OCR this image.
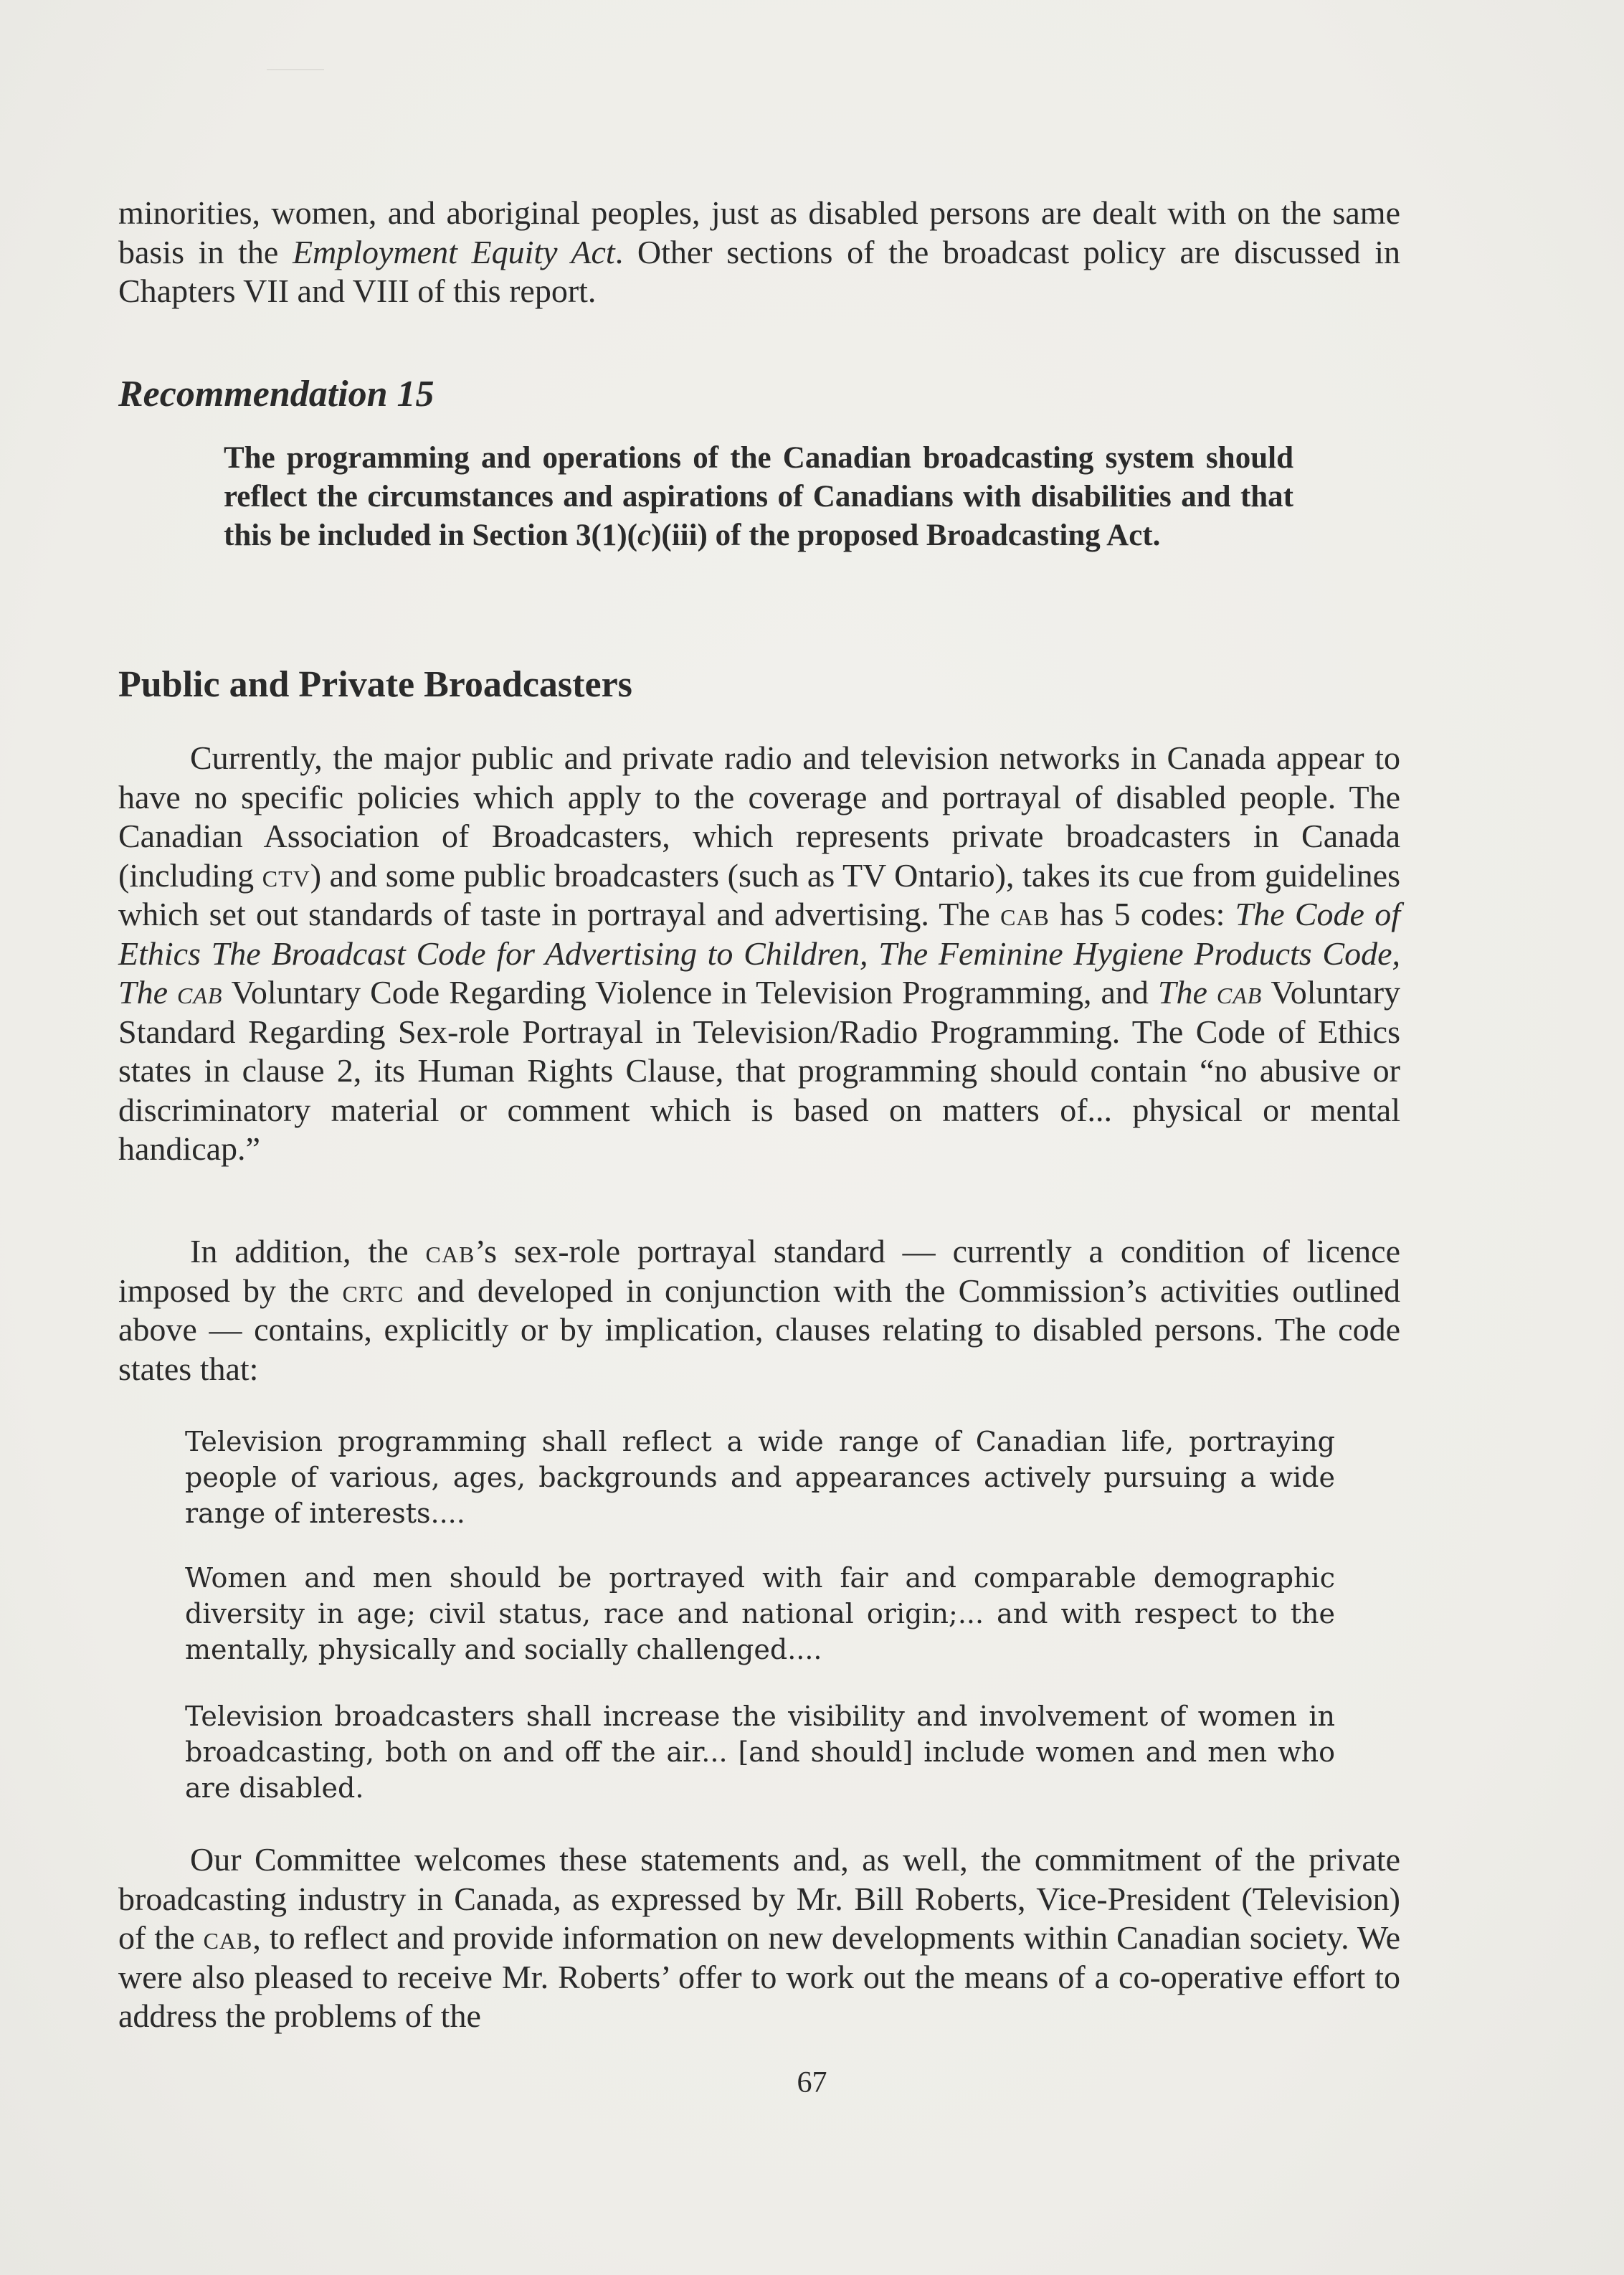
minorities, women, and aboriginal peoples, just as disabled persons are dealt with on the same basis in the Employment Equity Act. Other sections of the broadcast policy are discussed in Chapters VII and VIII of this report.

Recommendation 15

The programming and operations of the Canadian broadcasting system should reflect the circumstances and aspirations of Canadians with disabilities and that this be included in Section 3(1)(c)(iii) of the proposed Broadcasting Act.

Public and Private Broadcasters

Currently, the major public and private radio and television networks in Canada appear to have no specific policies which apply to the coverage and portrayal of disabled people. The Canadian Association of Broadcasters, which represents private broadcasters in Canada (including ctv) and some public broadcasters (such as TV Ontario), takes its cue from guidelines which set out standards of taste in portrayal and advertising. The cab has 5 codes: The Code of Ethics The Broadcast Code for Advertising to Children, The Feminine Hygiene Products Code, The cab Voluntary Code Regarding Violence in Television Programming, and The cab Voluntary Standard Regarding Sex-role Portrayal in Television/Radio Programming. The Code of Ethics states in clause 2, its Human Rights Clause, that programming should contain “no abusive or discriminatory material or comment which is based on matters of... physical or mental handicap.”

In addition, the cab’s sex-role portrayal standard — currently a condition of licence imposed by the crtc and developed in conjunction with the Commission’s activities outlined above — contains, explicitly or by implication, clauses relating to disabled persons. The code states that:

Television programming shall reflect a wide range of Canadian life, portraying people of various, ages, backgrounds and appearances actively pursuing a wide range of interests....

Women and men should be portrayed with fair and comparable demographic diversity in age; civil status, race and national origin;... and with respect to the mentally, physically and socially challenged....

Television broadcasters shall increase the visibility and involvement of women in broadcasting, both on and off the air... [and should] include women and men who are disabled.

Our Committee welcomes these statements and, as well, the commitment of the private broadcasting industry in Canada, as expressed by Mr. Bill Roberts, Vice-President (Television) of the cab, to reflect and provide information on new developments within Canadian society. We were also pleased to receive Mr. Roberts’ offer to work out the means of a co-operative effort to address the problems of the

67
